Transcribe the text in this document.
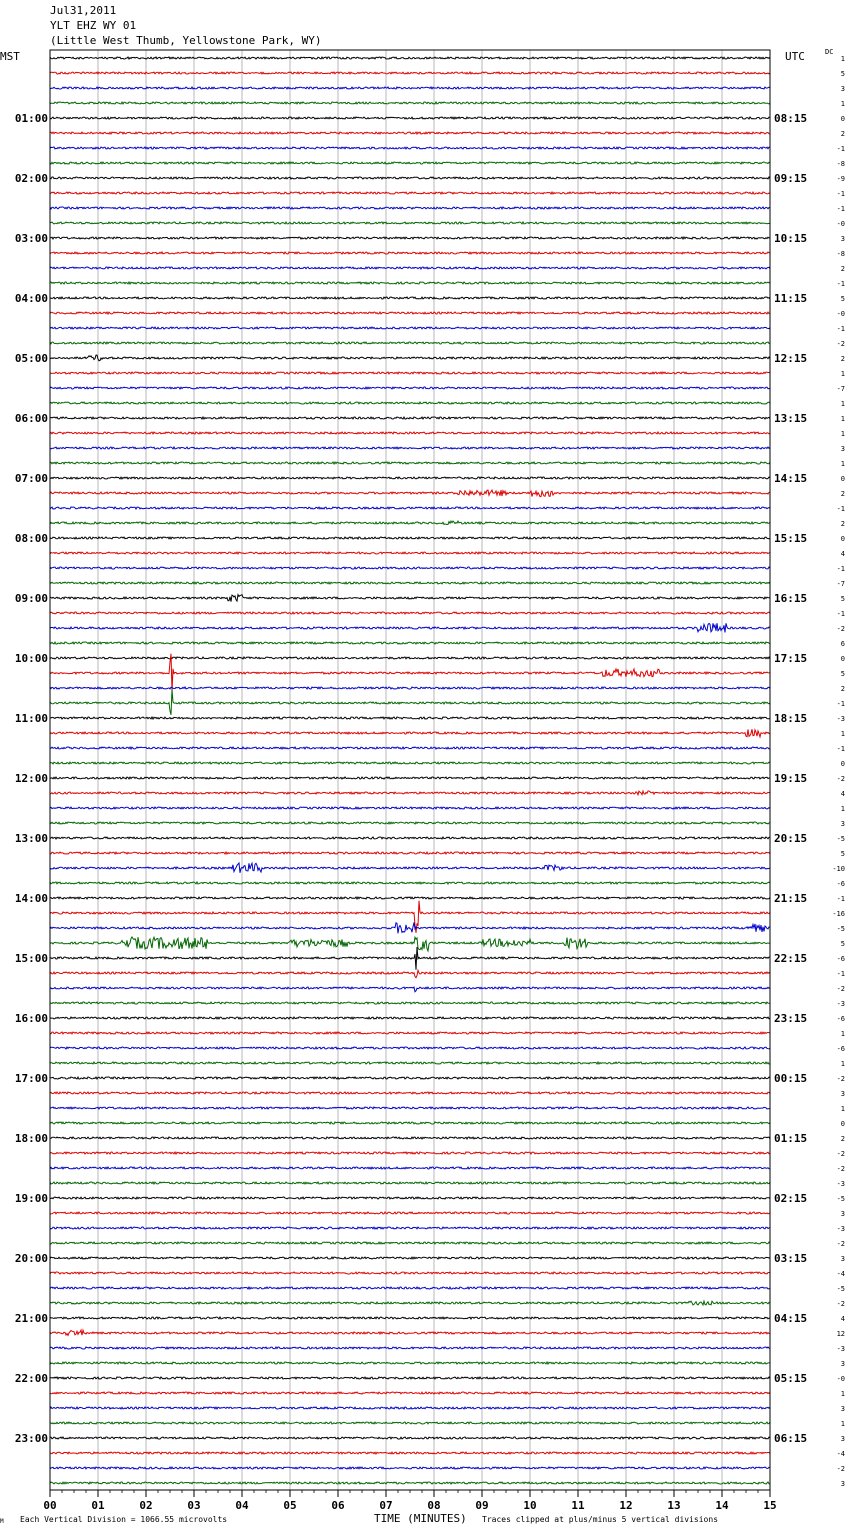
00	01	02	03	04	05	06	07	08	09	10	11	12	13	14	15
1
5
3
1
0
2
-1
-8
-9
-1
-1
-0
3
-8
2
-1
5
-0
-1
-2
2
1
-7
1
1
1
3
1
0
2
-1
2
0
4
-1
-7
5
-1
-2
6
0
5
2
-1
-3
1
-1
0
-2
4
1
3
-5
5
-10
-6
-1
-16
-5
5
-6
-1
-2
-3
-6
1
-6
1
-2
3
1
0
2
-2
-2
-3
-5
3
-3
-2
3
-4
-5
-2
4
12
-3
3
-0
1
3
1
3
-4
-2
3
01:00
02:00
03:00
04:00
05:00
06:00
07:00
08:00
09:00
10:00
11:00
12:00
13:00
14:00
15:00
16:00
17:00
18:00
19:00
20:00
21:00
22:00
23:00
08:15
09:15
10:15
11:15
12:15
13:15
14:15
15:15
16:15
17:15
18:15
19:15
20:15
21:15
22:15
23:15
00:15
01:15
02:15
03:15
04:15
05:15
06:15
Jul31,2011
YLT EHZ WY 01
(Little West Thumb, Yellowstone Park, WY)
MST	UTC	DC
M Each Vertical Division = 1066.55 microvolts	TIME (MINUTES) Traces clipped at plus/minus 5 vertical divisions
